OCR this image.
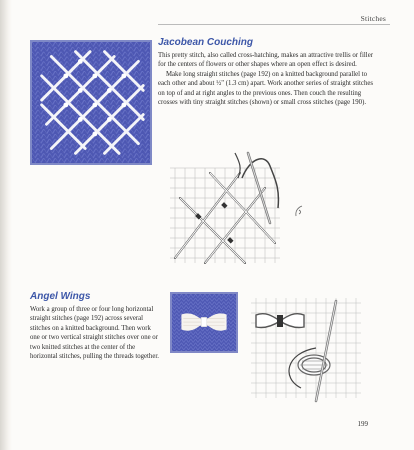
Stitches
Jacobean Couching

This pretty stitch, also called cross-hatching, makes an attractive trellis or filler for the centers of flowers or other shapes where an open effect is desired.

Make long straight stitches (page 192) on a knitted background parallel to each other and about ½" (1.3 cm) apart. Work another series of straight stitches on top of and at right angles to the previous ones. Then couch the resulting crosses with tiny straight stitches (shown) or small cross stitches (page 190).

Angel Wings

Work a group of three or four long horizontal straight stitches (page 192) across several stitches on a knitted background. Then work one or two vertical straight stitches over one or two knitted stitches at the center of the horizontal stitches, pulling the threads together.

199
